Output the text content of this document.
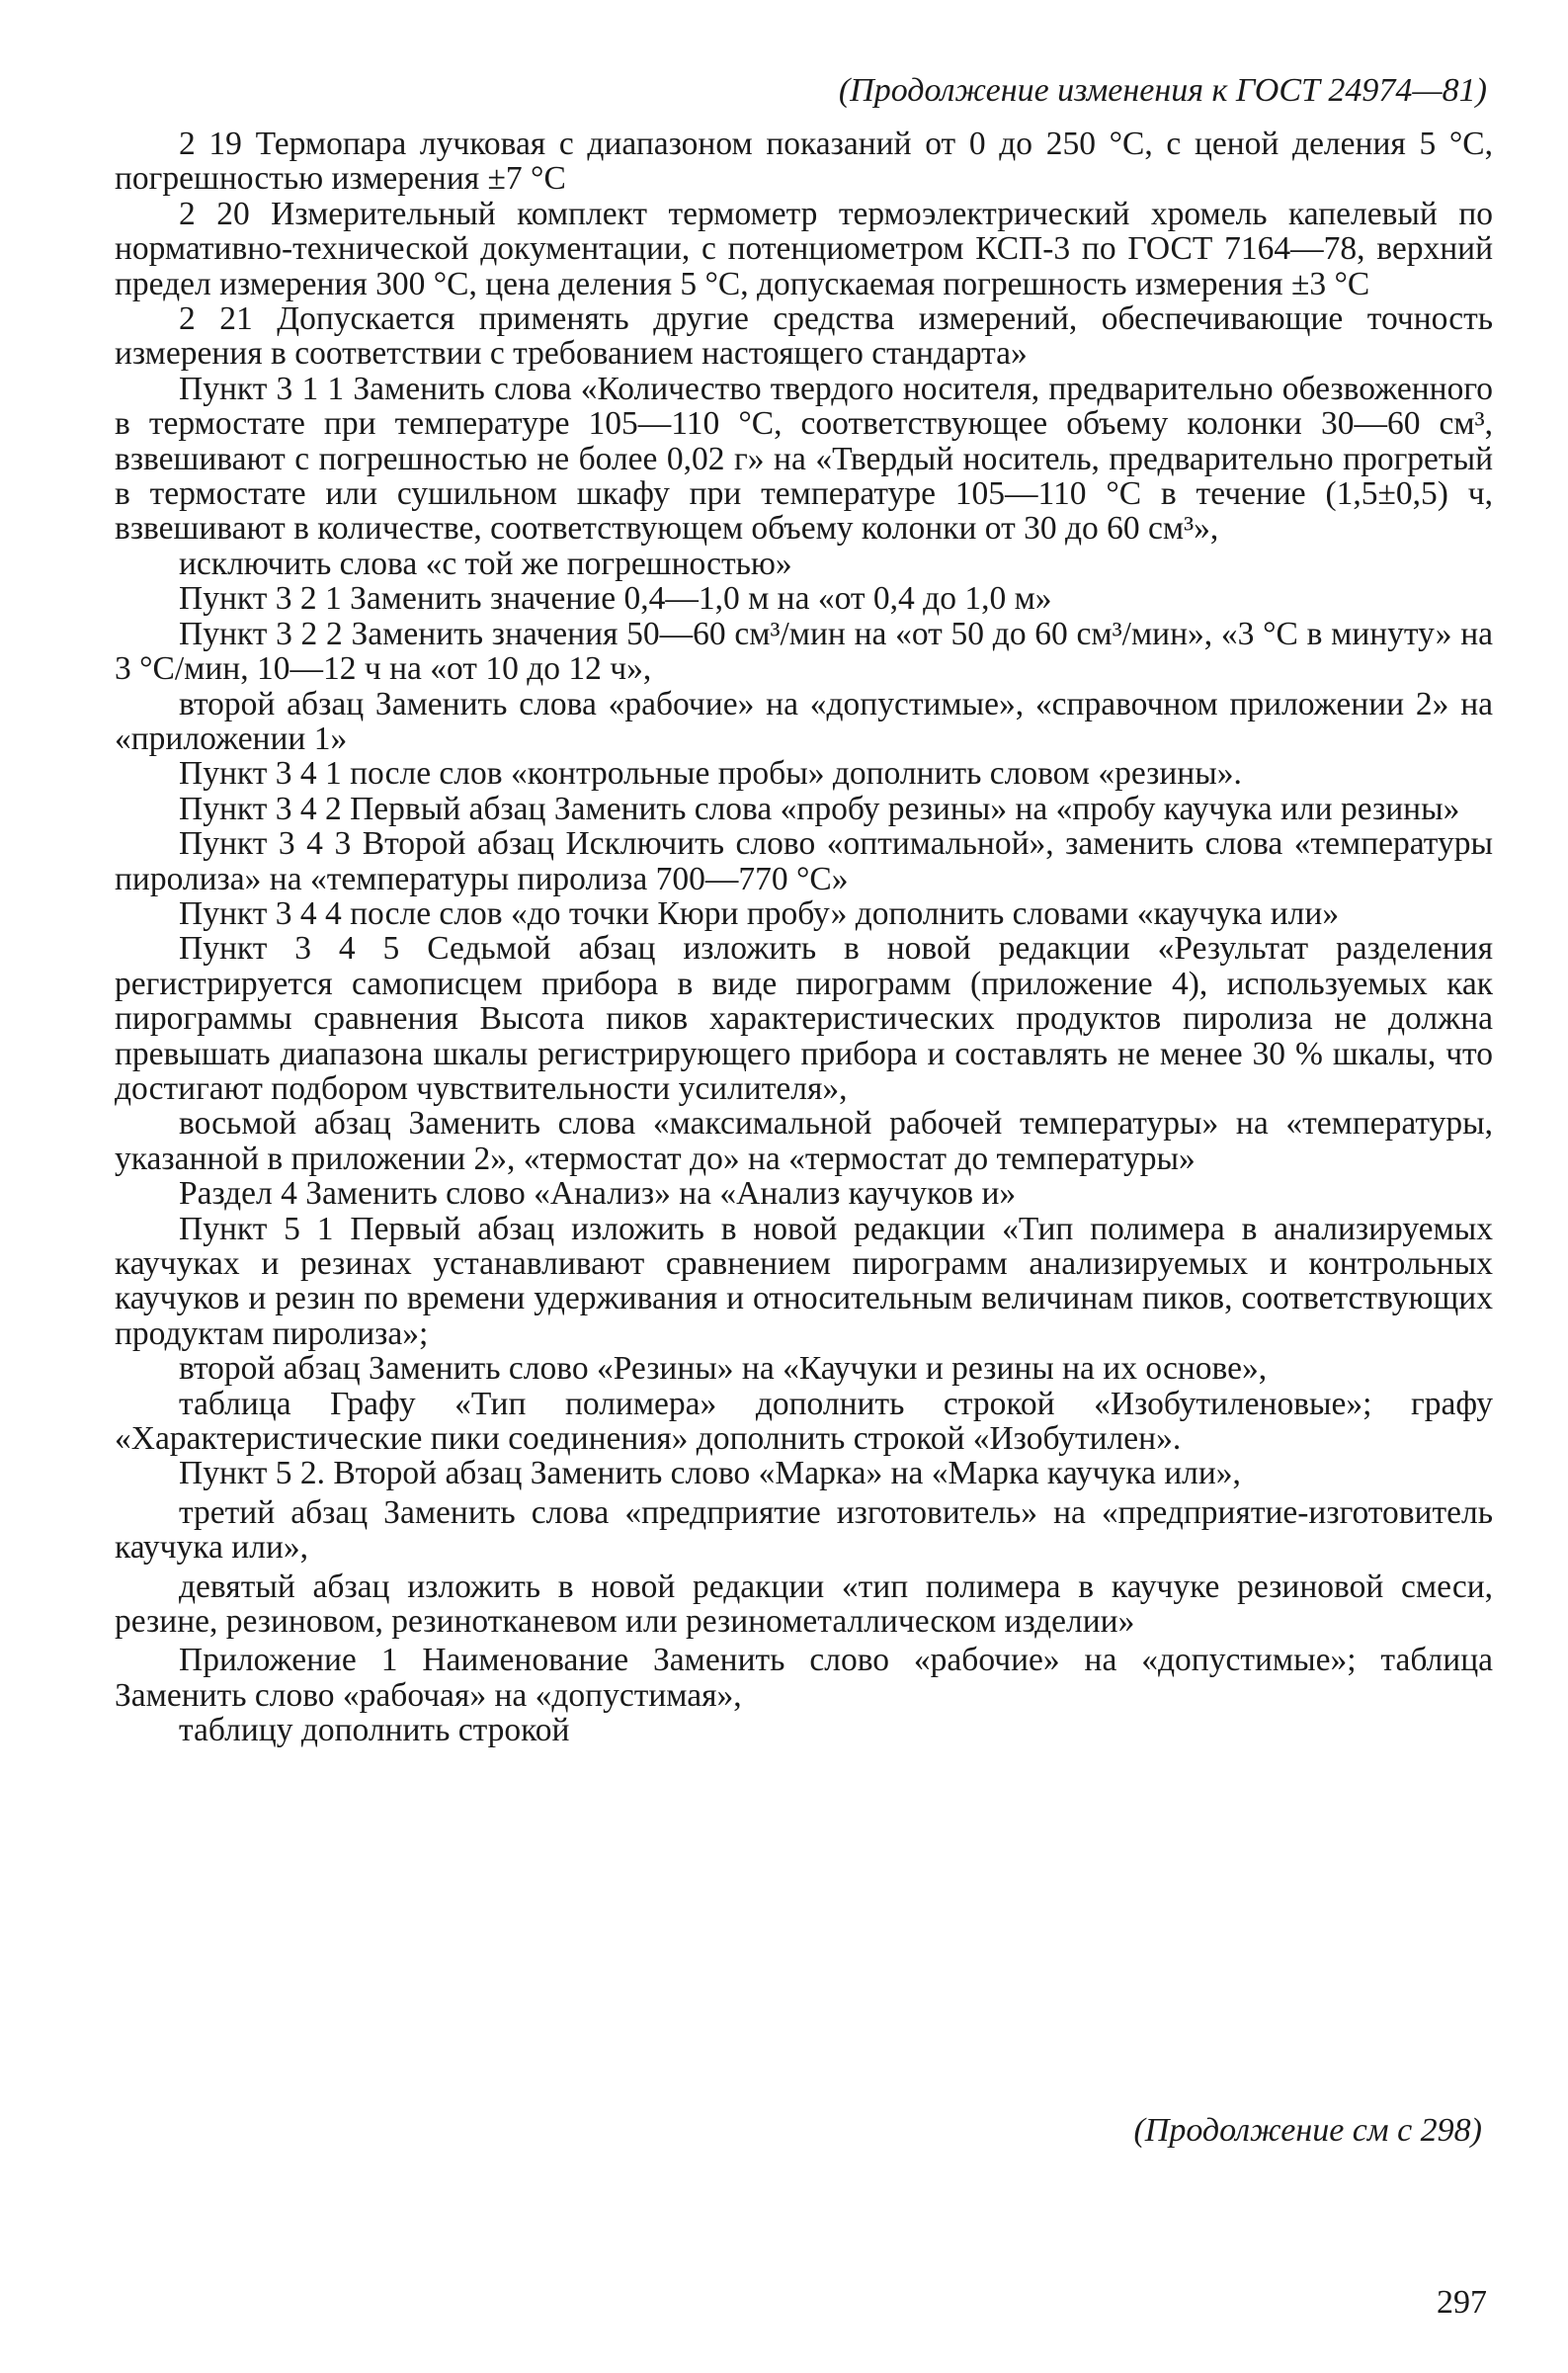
(Продолжение изменения к ГОСТ 24974—81)

2 19 Термопара лучковая с диапазоном показаний от 0 до 250 °С, с ценой деления 5 °С, погрешностью измерения ±7 °С

2 20 Измерительный комплект термометр термоэлектрический хромель капелевый по нормативно-технической документации, с потенциометром КСП-3 по ГОСТ 7164—78, верхний предел измерения 300 °С, цена деления 5 °С, допускаемая погрешность измерения ±3 °С

2 21 Допускается применять другие средства измерений, обеспечивающие точность измерения в соответствии с требованием настоящего стандарта»

Пункт 3 1 1 Заменить слова «Количество твердого носителя, предварительно обезвоженного в термостате при температуре 105—110 °С, соответствующее объему колонки 30—60 см³, взвешивают с погрешностью не более 0,02 г» на «Твердый носитель, предварительно прогретый в термостате или сушильном шкафу при температуре 105—110 °С в течение (1,5±0,5) ч, взвешивают в количестве, соответствующем объему колонки от 30 до 60 см³»,

исключить слова «с той же погрешностью»

Пункт 3 2 1 Заменить значение 0,4—1,0 м на «от 0,4 до 1,0 м»

Пункт 3 2 2 Заменить значения 50—60 см³/мин на «от 50 до 60 см³/мин», «3 °С в минуту» на 3 °С/мин, 10—12 ч на «от 10 до 12 ч»,

второй абзац Заменить слова «рабочие» на «допустимые», «справочном приложении 2» на «приложении 1»

Пункт 3 4 1 после слов «контрольные пробы» дополнить словом «резины».

Пункт 3 4 2 Первый абзац Заменить слова «пробу резины» на «пробу каучука или резины»

Пункт 3 4 3 Второй абзац Исключить слово «оптимальной», заменить слова «температуры пиролиза» на «температуры пиролиза 700—770 °С»

Пункт 3 4 4 после слов «до точки Кюри пробу» дополнить словами «каучука или»

Пункт 3 4 5 Седьмой абзац изложить в новой редакции «Результат разделения регистрируется самописцем прибора в виде пирограмм (приложение 4), используемых как пирограммы сравнения Высота пиков характеристических продуктов пиролиза не должна превышать диапазона шкалы регистрирующего прибора и составлять не менее 30 % шкалы, что достигают подбором чувствительности усилителя»,

восьмой абзац Заменить слова «максимальной рабочей температуры» на «температуры, указанной в приложении 2», «термостат до» на «термостат до температуры»

Раздел 4 Заменить слово «Анализ» на «Анализ каучуков и»

Пункт 5 1 Первый абзац изложить в новой редакции «Тип полимера в анализируемых каучуках и резинах устанавливают сравнением пирограмм анализируемых и контрольных каучуков и резин по времени удерживания и относительным величинам пиков, соответствующих продуктам пиролиза»;

второй абзац Заменить слово «Резины» на «Каучуки и резины на их основе»,

таблица Графу «Тип полимера» дополнить строкой «Изобутиленовые»; графу «Характеристические пики соединения» дополнить строкой «Изобутилен».

Пункт 5 2. Второй абзац Заменить слово «Марка» на «Марка каучука или»,

третий абзац Заменить слова «предприятие изготовитель» на «предприятие-изготовитель каучука или»,

девятый абзац изложить в новой редакции «тип полимера в каучуке резиновой смеси, резине, резиновом, резинотканевом или резинометаллическом изделии»

Приложение 1 Наименование Заменить слово «рабочие» на «допустимые»; таблица Заменить слово «рабочая» на «допустимая»,

таблицу дополнить строкой

(Продолжение см с 298)
297
